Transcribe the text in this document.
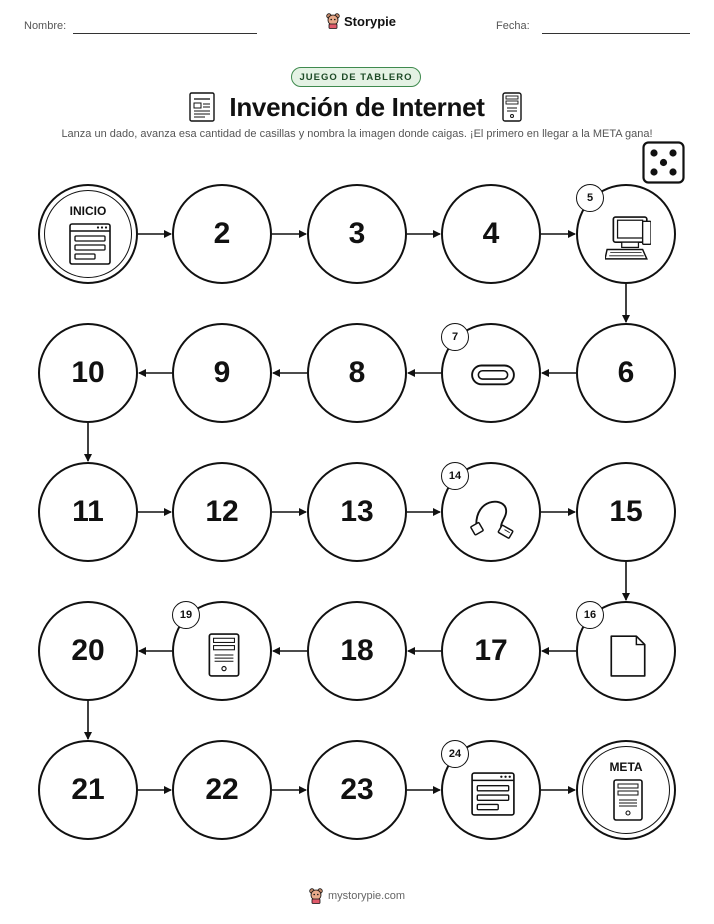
Nombre:	Storypie	Fecha:
JUEGO DE TABLERO
Invención de Internet
Lanza un dado, avanza esa cantidad de casillas y nombra la imagen donde caigas. ¡El primero en llegar a la META gana!
INICIO
2	3	4
5
6
7
8
9
10
11	12	13
14
15
16
17
18
19
20
21	22	23
24
META
mystorypie.com
